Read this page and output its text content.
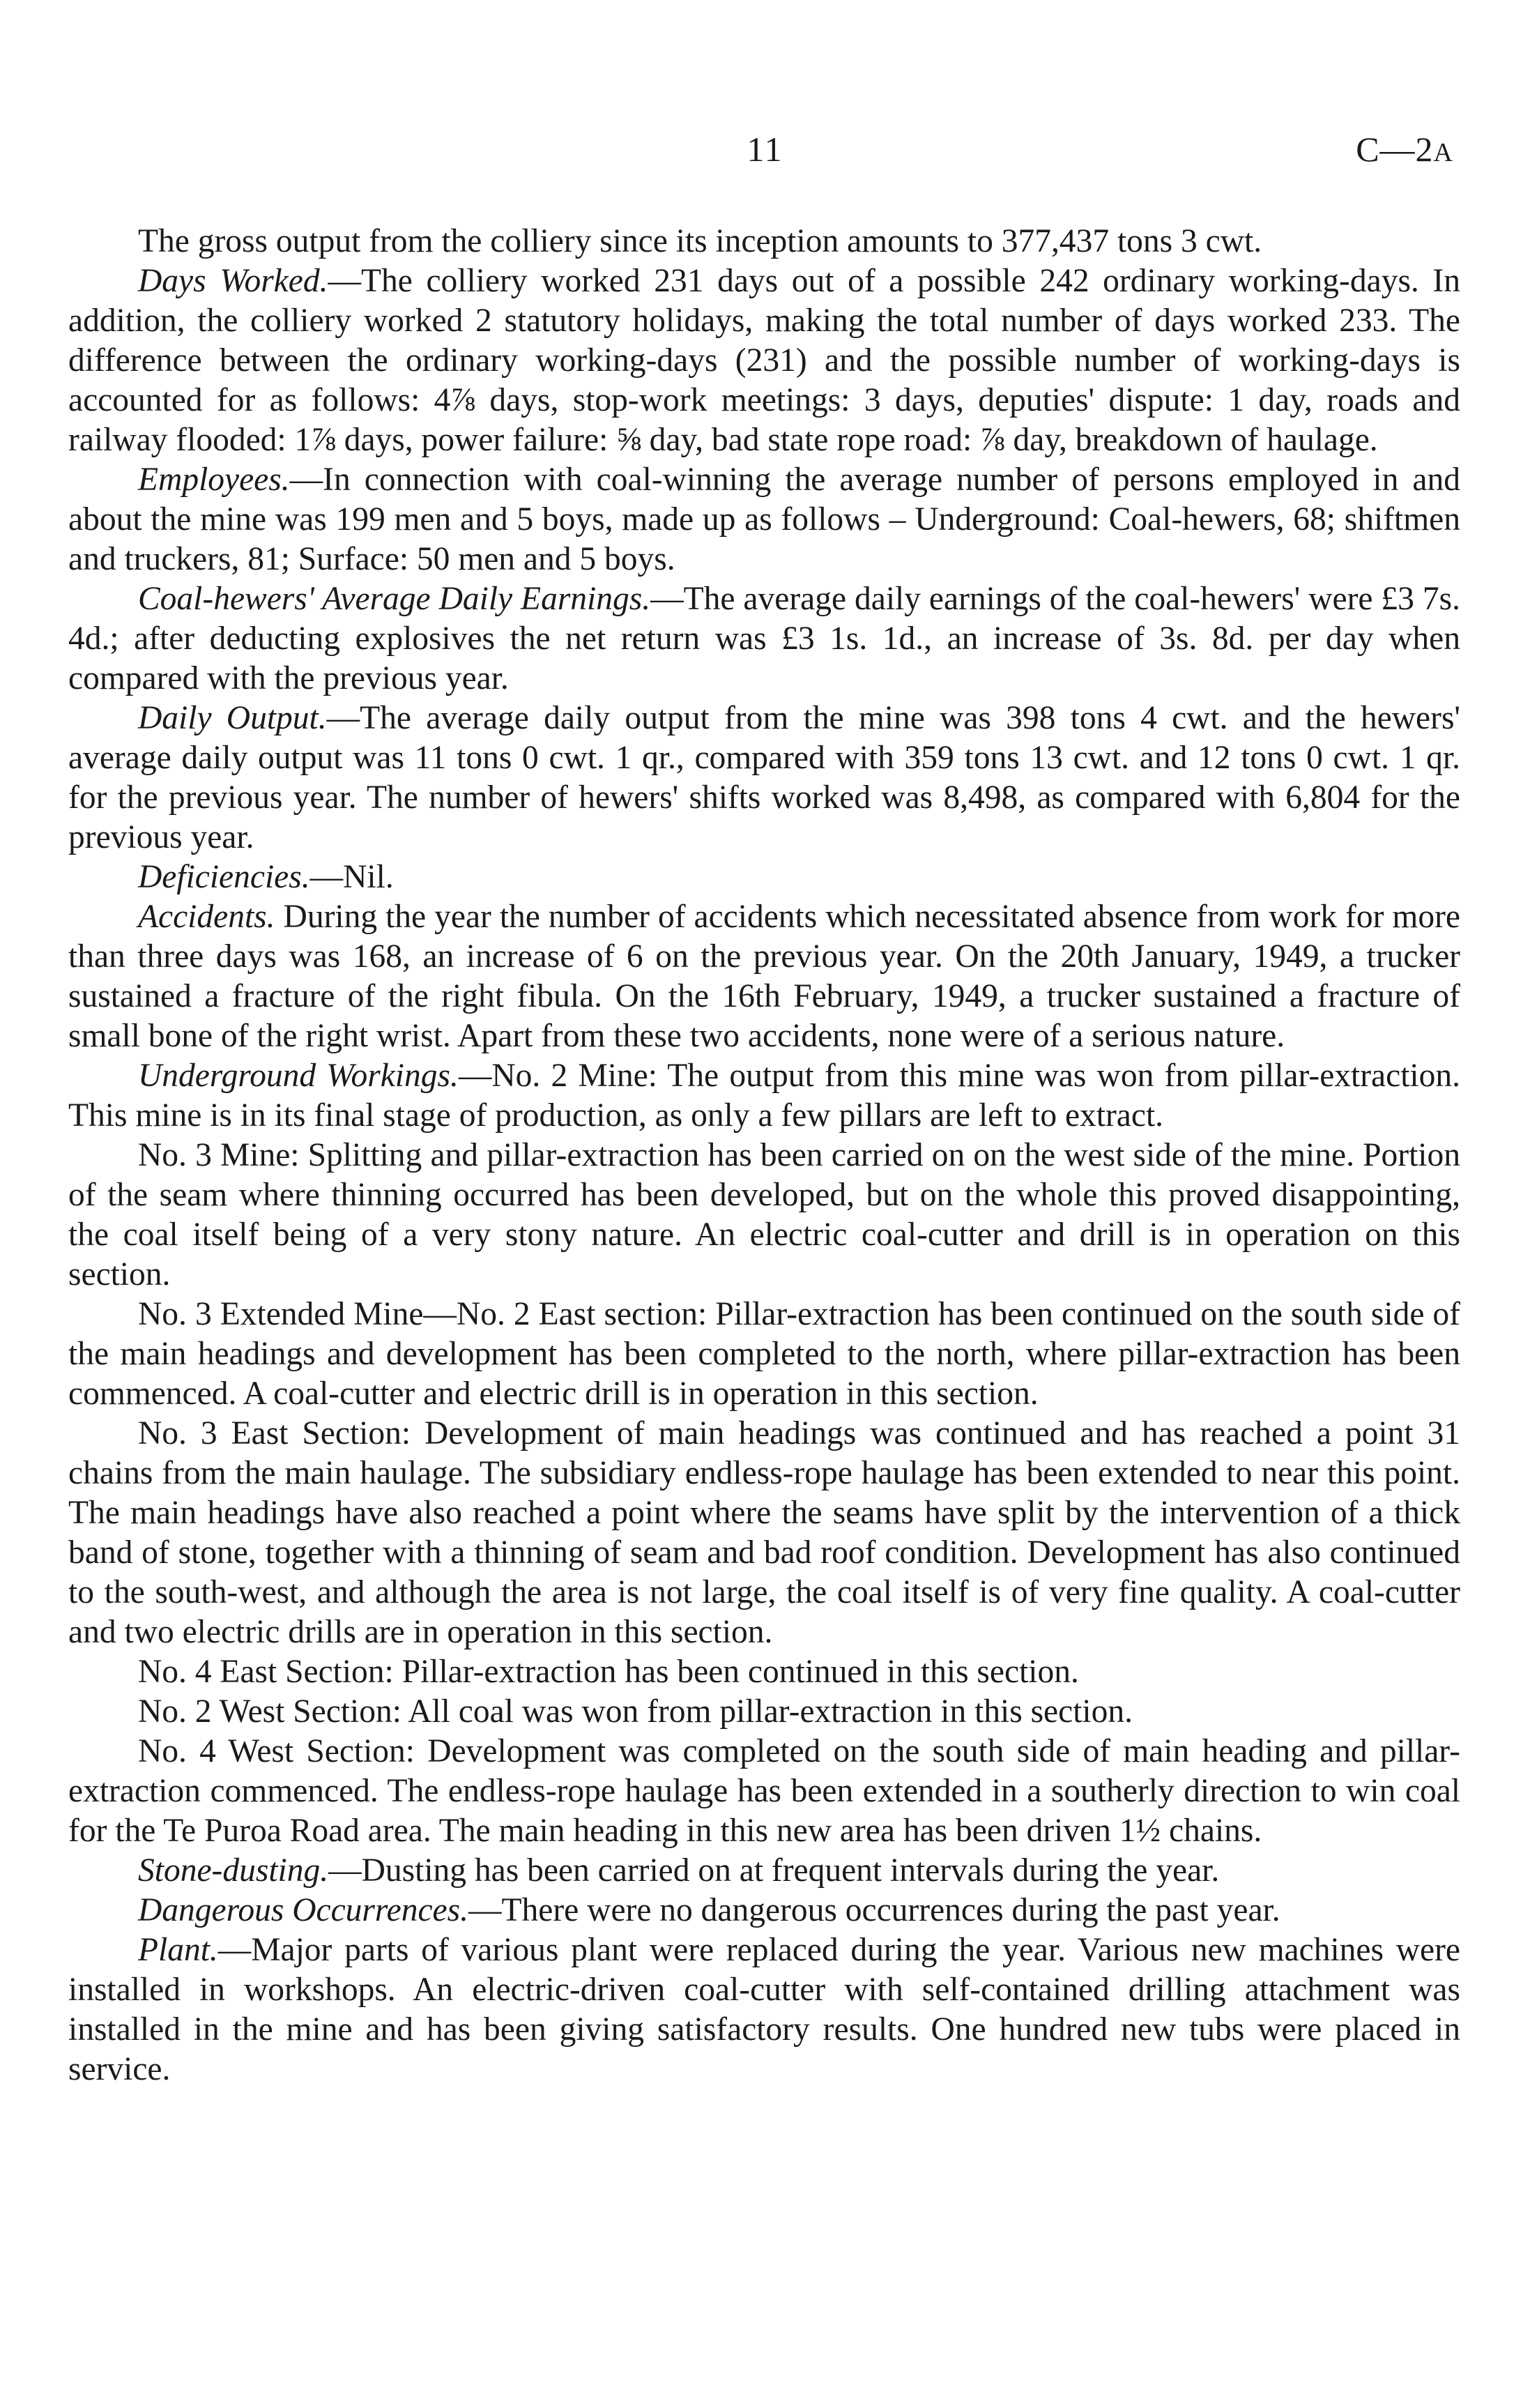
11	C—2A

The gross output from the colliery since its inception amounts to 377,437 tons 3 cwt.

Days Worked.—The colliery worked 231 days out of a possible 242 ordinary working-days. In addition, the colliery worked 2 statutory holidays, making the total number of days worked 233. The difference between the ordinary working-days (231) and the possible number of working-days is accounted for as follows: 4⅞ days, stop-work meetings: 3 days, deputies' dispute: 1 day, roads and railway flooded: 1⅞ days, power failure: ⅝ day, bad state rope road: ⅞ day, breakdown of haulage.

Employees.—In connection with coal-winning the average number of persons employed in and about the mine was 199 men and 5 boys, made up as follows – Underground: Coal-hewers, 68; shiftmen and truckers, 81; Surface: 50 men and 5 boys.

Coal-hewers' Average Daily Earnings.—The average daily earnings of the coal-hewers' were £3 7s. 4d.; after deducting explosives the net return was £3 1s. 1d., an increase of 3s. 8d. per day when compared with the previous year.

Daily Output.—The average daily output from the mine was 398 tons 4 cwt. and the hewers' average daily output was 11 tons 0 cwt. 1 qr., compared with 359 tons 13 cwt. and 12 tons 0 cwt. 1 qr. for the previous year. The number of hewers' shifts worked was 8,498, as compared with 6,804 for the previous year.

Deficiencies.—Nil.

Accidents. During the year the number of accidents which necessitated absence from work for more than three days was 168, an increase of 6 on the previous year. On the 20th January, 1949, a trucker sustained a fracture of the right fibula. On the 16th February, 1949, a trucker sustained a fracture of small bone of the right wrist. Apart from these two accidents, none were of a serious nature.

Underground Workings.—No. 2 Mine: The output from this mine was won from pillar-extraction. This mine is in its final stage of production, as only a few pillars are left to extract.

No. 3 Mine: Splitting and pillar-extraction has been carried on on the west side of the mine. Portion of the seam where thinning occurred has been developed, but on the whole this proved disappointing, the coal itself being of a very stony nature. An electric coal-cutter and drill is in operation on this section.

No. 3 Extended Mine—No. 2 East section: Pillar-extraction has been continued on the south side of the main headings and development has been completed to the north, where pillar-extraction has been commenced. A coal-cutter and electric drill is in operation in this section.

No. 3 East Section: Development of main headings was continued and has reached a point 31 chains from the main haulage. The subsidiary endless-rope haulage has been extended to near this point. The main headings have also reached a point where the seams have split by the intervention of a thick band of stone, together with a thinning of seam and bad roof condition. Development has also continued to the south-west, and although the area is not large, the coal itself is of very fine quality. A coal-cutter and two electric drills are in operation in this section.

No. 4 East Section: Pillar-extraction has been continued in this section.

No. 2 West Section: All coal was won from pillar-extraction in this section.

No. 4 West Section: Development was completed on the south side of main heading and pillar-extraction commenced. The endless-rope haulage has been extended in a southerly direction to win coal for the Te Puroa Road area. The main heading in this new area has been driven 1½ chains.

Stone-dusting.—Dusting has been carried on at frequent intervals during the year.

Dangerous Occurrences.—There were no dangerous occurrences during the past year.

Plant.—Major parts of various plant were replaced during the year. Various new machines were installed in workshops. An electric-driven coal-cutter with self-contained drilling attachment was installed in the mine and has been giving satisfactory results. One hundred new tubs were placed in service.
